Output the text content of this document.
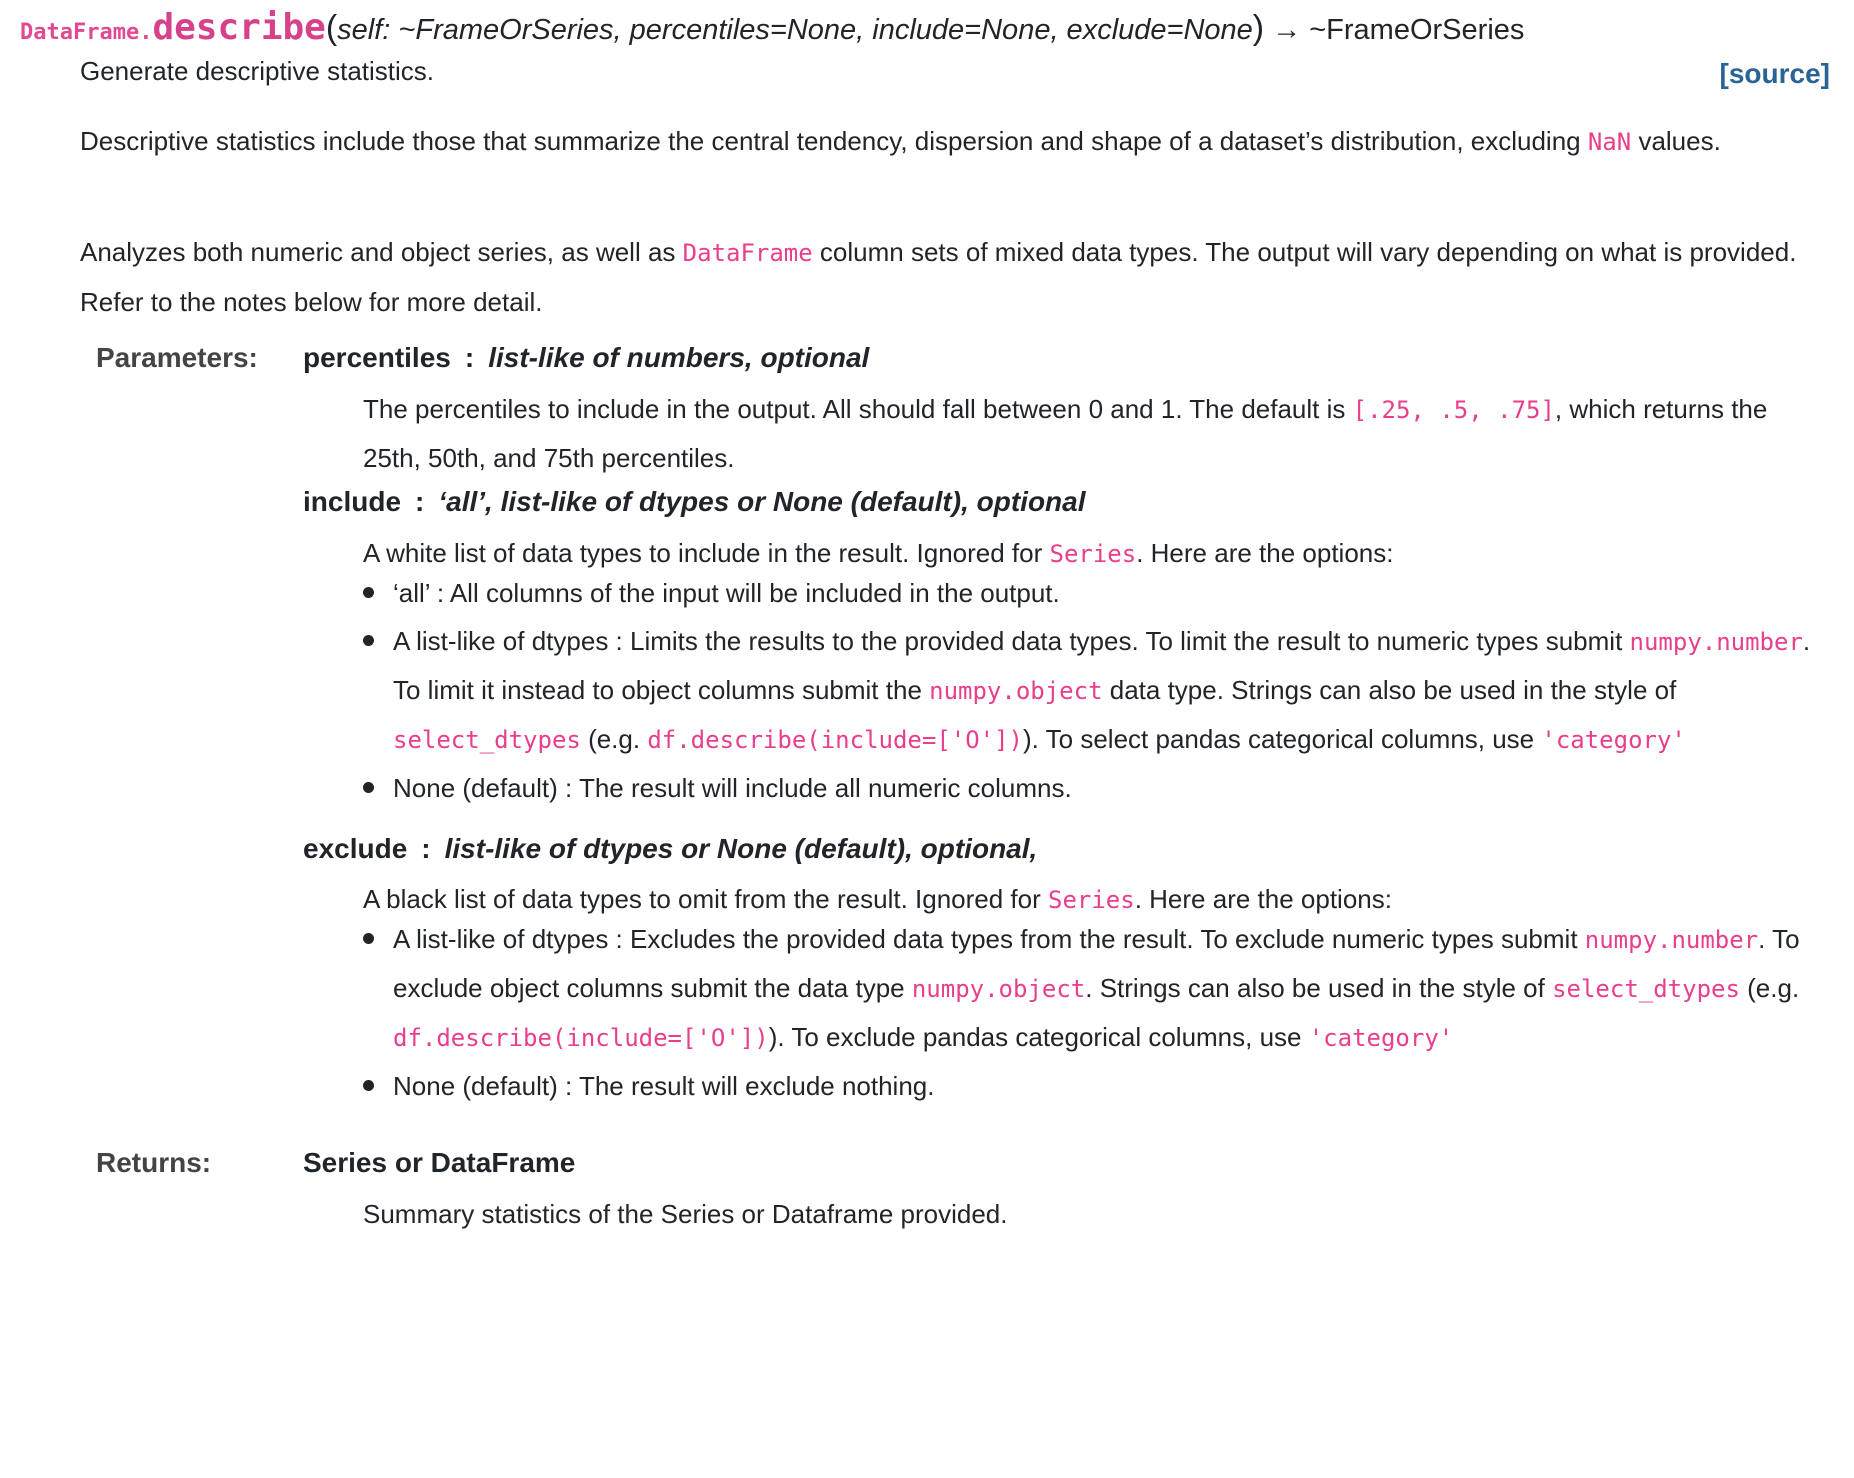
DataFrame.describe(self: ~FrameOrSeries, percentiles=None, include=None, exclude=None) → ~FrameOrSeries
[source]

Generate descriptive statistics.

Descriptive statistics include those that summarize the central tendency, dispersion and shape of a dataset’s distribution, excluding NaN values.

Analyzes both numeric and object series, as well as DataFrame column sets of mixed data types. The output will vary depending on what is provided. Refer to the notes below for more detail.

Parameters: percentiles : list-like of numbers, optional

The percentiles to include in the output. All should fall between 0 and 1. The default is [.25, .5, .75], which returns the 25th, 50th, and 75th percentiles.

include : ‘all’, list-like of dtypes or None (default), optional

A white list of data types to include in the result. Ignored for Series. Here are the options:

‘all’ : All columns of the input will be included in the output.
A list-like of dtypes : Limits the results to the provided data types. To limit the result to numeric types submit numpy.number. To limit it instead to object columns submit the numpy.object data type. Strings can also be used in the style of select_dtypes (e.g. df.describe(include=['O'])). To select pandas categorical columns, use 'category'
None (default) : The result will include all numeric columns.
exclude : list-like of dtypes or None (default), optional,

A black list of data types to omit from the result. Ignored for Series. Here are the options:

A list-like of dtypes : Excludes the provided data types from the result. To exclude numeric types submit numpy.number. To exclude object columns submit the data type numpy.object. Strings can also be used in the style of select_dtypes (e.g. df.describe(include=['O'])). To exclude pandas categorical columns, use 'category'
None (default) : The result will exclude nothing.
Returns:	Series or DataFrame

Summary statistics of the Series or Dataframe provided.
